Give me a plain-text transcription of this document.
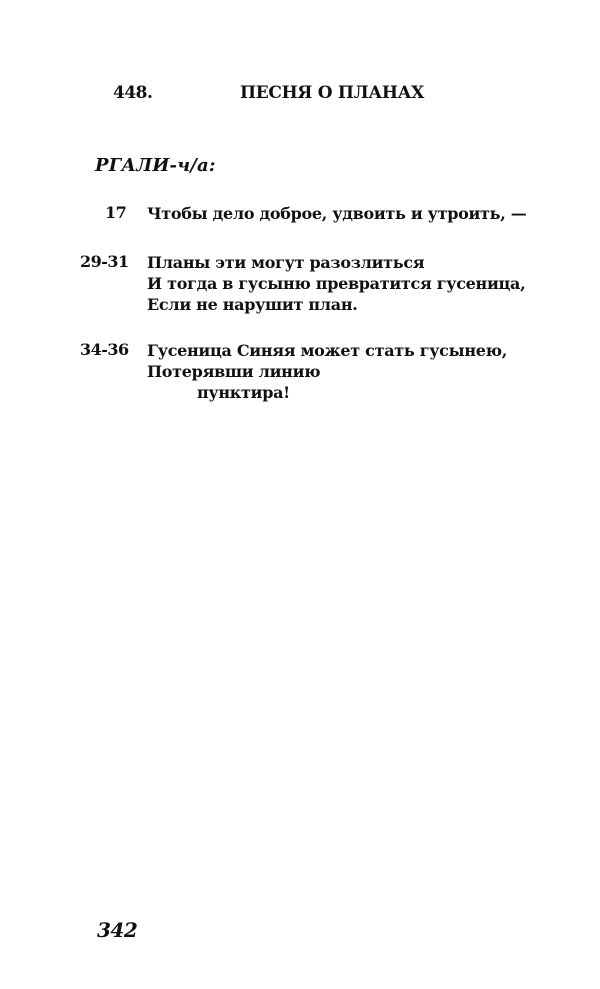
448.	ПЕСНЯ О ПЛАНАХ
РГАЛИ-ч/а:
17 Чтобы дело доброе, удвоить и утроить, —
29-31 Планы эти могут разозлиться
И тогда в гусыню превратится гусеница,
Если не нарушит план.
34-36 Гусеница Синяя может стать гусынею,
Потерявши линию
пунктира!
342
